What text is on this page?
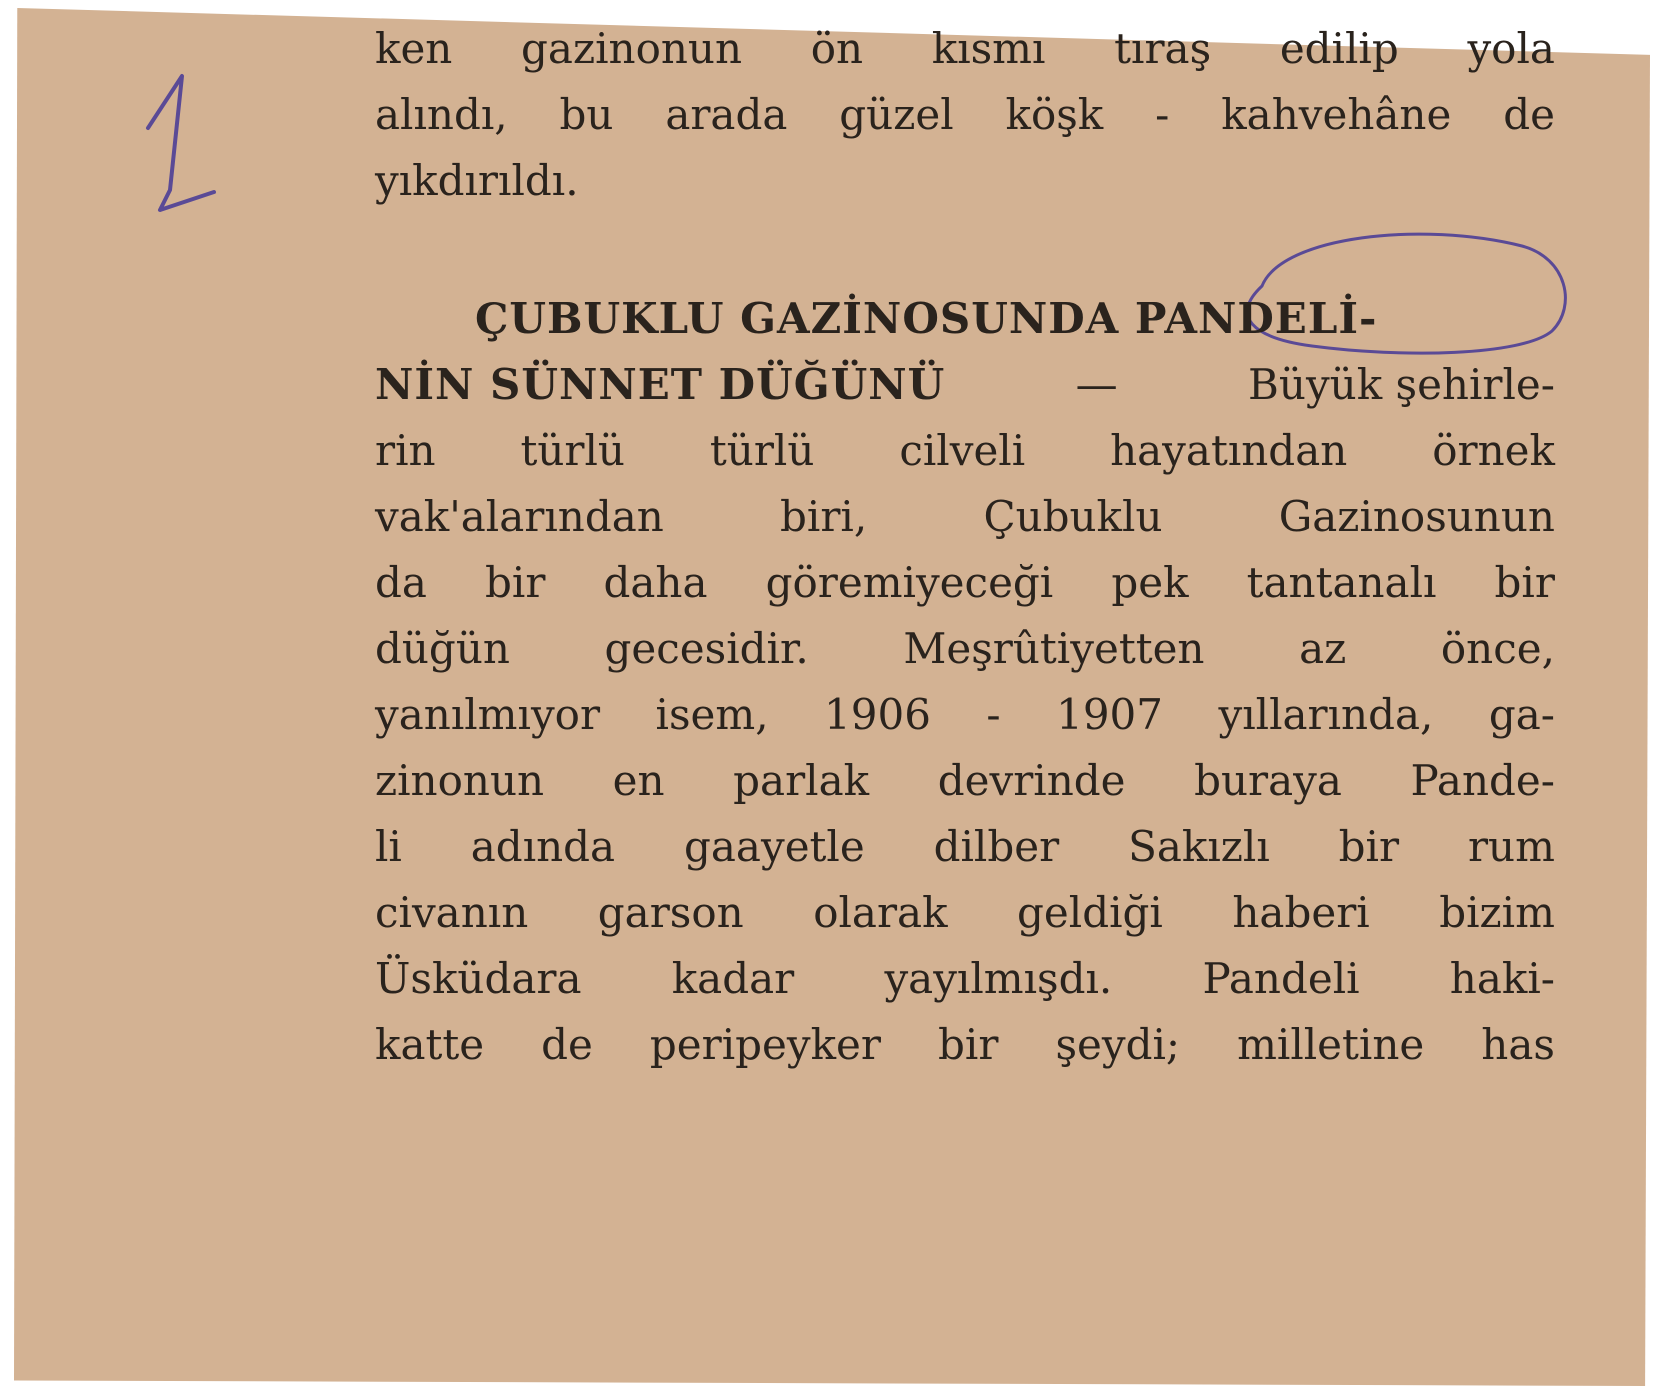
ken gazinonun ön kısmı tıraş edilip yola
alındı, bu arada güzel köşk - kahvehâne de
yıkdırıldı.
ÇUBUKLU GAZİNOSUNDA PANDELİ-
NİN SÜNNET DÜĞÜNÜ	—	Büyük şehirle-
rin türlü türlü cilveli hayatından örnek
vak'alarından	biri,	Çubuklu	Gazinosunun
da bir daha göremiyeceği pek tantanalı bir
düğün gecesidir. Meşrûtiyetten az önce,
yanılmıyor isem, 1906 - 1907 yıllarında, ga-
zinonun en parlak devrinde buraya Pande-
li adında gaayetle dilber Sakızlı bir rum
civanın garson olarak geldiği haberi bizim
Üsküdara kadar yayılmışdı. Pandeli haki-
katte de peripeyker bir şeydi; milletine has
